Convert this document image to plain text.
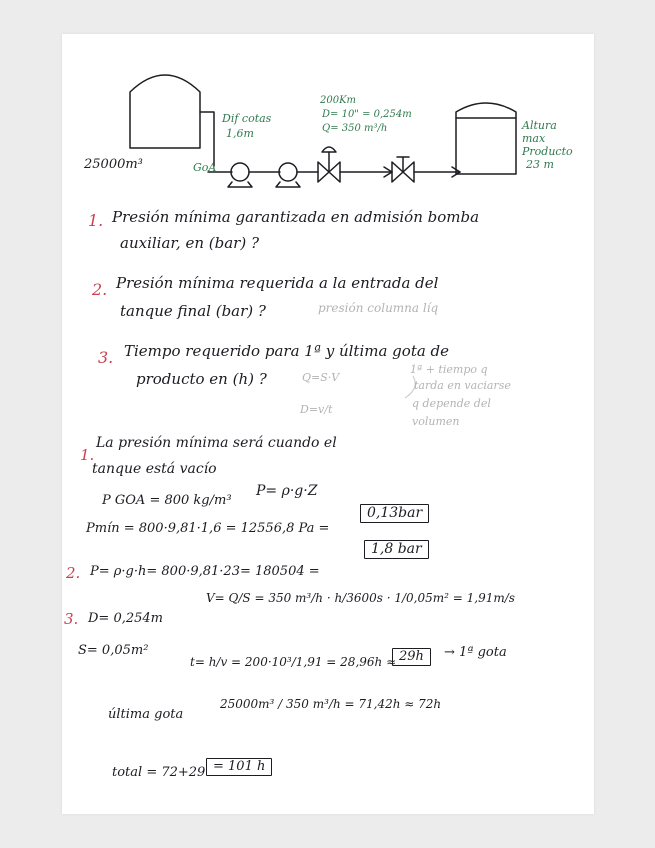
25000m³	GoA
Dif cotas
1,6m
200Km
D= 10" = 0,254m
Q= 350 m³/h	Altura
max
Producto
23 m
1. Presión mínima garantizada en admisión bomba
auxiliar, en (bar) ?
2. Presión mínima requerida a la entrada del
tanque final (bar) ?	presión columna líq
3. Tiempo requerido para 1ª y última gota de
producto en (h) ?	Q=S·V
1ª + tiempo q
tarda en vaciarse
q depende del
volumen
D=v/t
1.
La presión mínima será cuando el
tanque está vacío
P GOA = 800 kg/m³
P= ρ·g·Z
Pmín = 800·9,81·1,6 = 12556,8 Pa =
0,13bar
2. P= ρ·g·h= 800·9,81·23= 180504 =
1,8 bar
3. D= 0,254m
V= Q/S = 350 m³/h · h/3600s · 1/0,05m² = 1,91m/s
S= 0,05m²
t= h/v = 200·10³/1,91 = 28,96h ≈ 29h	→ 1ª gota
última gota
25000m³ / 350 m³/h = 71,42h ≈ 72h
total = 72+29 = 101 h
